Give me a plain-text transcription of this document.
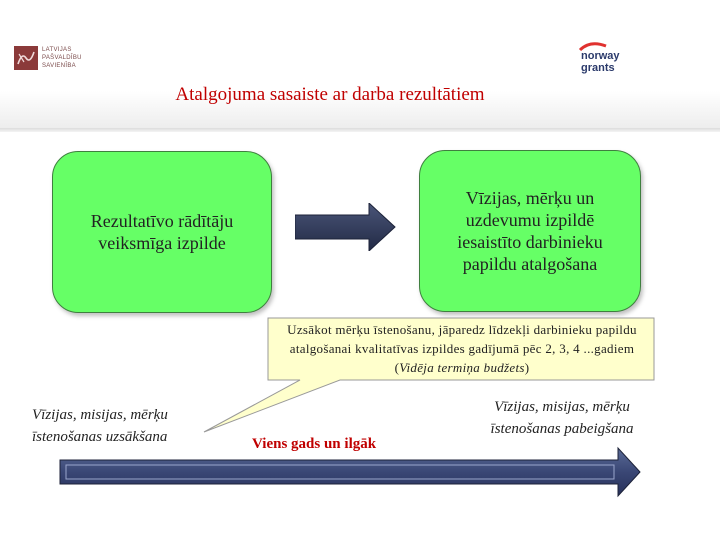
LATVIJAS
PAŠVALDĪBU
SAVIENĪBA
norway
grants
Atalgojuma sasaiste ar darba rezultātiem
Rezultatīvo rādītāju veiksmīga izpilde
Vīzijas, mērķu un uzdevumu izpildē iesaistīto darbinieku papildu atalgošana
Uzsākot mērķu īstenošanu, jāparedz līdzekļi darbinieku papildu atalgošanai kvalitatīvas izpildes gadījumā pēc 2, 3, 4 ...gadiem (Vidēja termiņa budžets)
Vīzijas, misijas, mērķu īstenošanas uzsākšana
Vīzijas, misijas, mērķu īstenošanas pabeigšana
Viens gads un ilgāk
